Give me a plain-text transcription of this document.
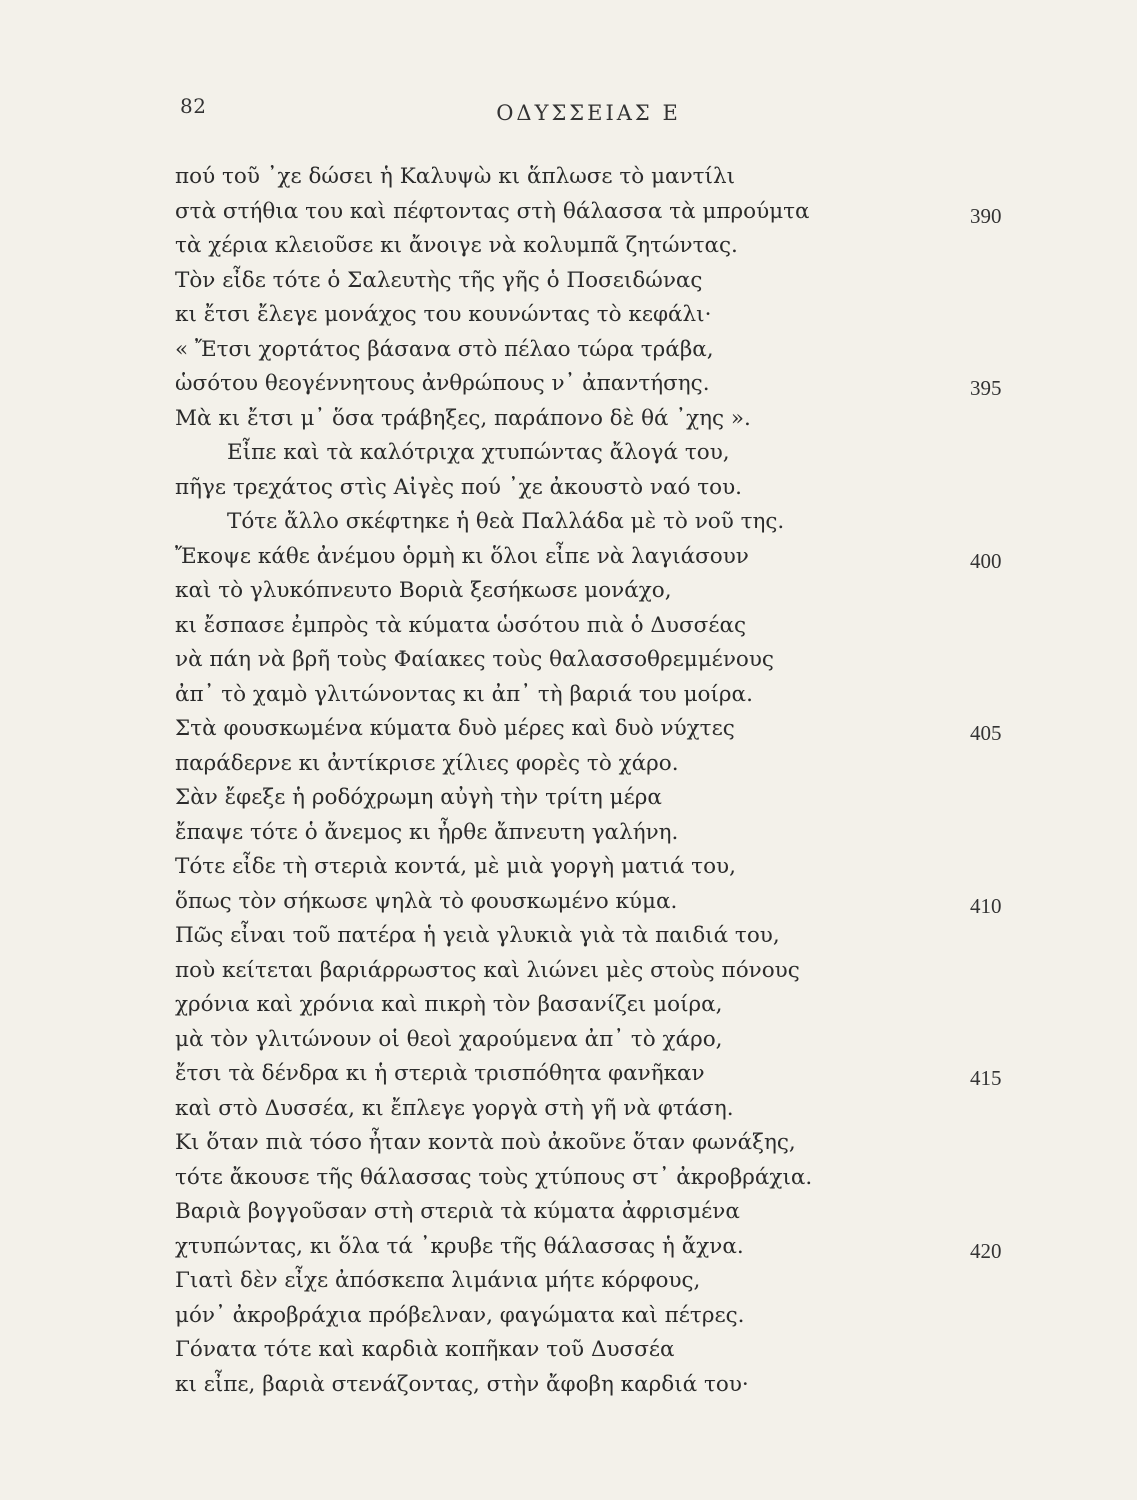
82	ΟΔΥΣΣΕΙΑΣ Ε
πού τοῦ ᾽χε δώσει ἡ Καλυψὼ κι ἅπλωσε τὸ μαντίλι
στὰ στήθια του καὶ πέφτοντας στὴ θάλασσα τὰ μπρούμτα	390
τὰ χέρια κλειοῦσε κι ἄνοιγε νὰ κολυμπᾶ ζητώντας.
Τὸν εἶδε τότε ὁ Σαλευτὴς τῆς γῆς ὁ Ποσειδώνας
κι ἔτσι ἔλεγε μονάχος του κουνώντας τὸ κεφάλι·
« Ἔτσι χορτάτος βάσανα στὸ πέλαο τώρα τράβα,
ὡσότου θεογέννητους ἀνθρώπους ν᾽ ἀπαντήσης.	395
Μὰ κι ἔτσι μ᾽ ὅσα τράβηξες, παράπονο δὲ θά ᾽χης ».
Εἶπε καὶ τὰ καλότριχα χτυπώντας ἄλογά του,
πῆγε τρεχάτος στὶς Αἰγὲς πού ᾽χε ἀκουστὸ ναό του.
Τότε ἄλλο σκέφτηκε ἡ θεὰ Παλλάδα μὲ τὸ νοῦ της.
Ἔκοψε κάθε ἀνέμου ὁρμὴ κι ὅλοι εἶπε νὰ λαγιάσουν	400
καὶ τὸ γλυκόπνευτο Βοριὰ ξεσήκωσε μονάχο,
κι ἔσπασε ἐμπρὸς τὰ κύματα ὡσότου πιὰ ὁ Δυσσέας
νὰ πάη νὰ βρῆ τοὺς Φαίακες τοὺς θαλασσοθρεμμένους
ἀπ᾽ τὸ χαμὸ γλιτώνοντας κι ἀπ᾽ τὴ βαριά του μοίρα.
Στὰ φουσκωμένα κύματα δυὸ μέρες καὶ δυὸ νύχτες	405
παράδερνε κι ἀντίκρισε χίλιες φορὲς τὸ χάρο.
Σὰν ἔφεξε ἡ ροδόχρωμη αὐγὴ τὴν τρίτη μέρα
ἔπαψε τότε ὁ ἄνεμος κι ἦρθε ἄπνευτη γαλήνη.
Τότε εἶδε τὴ στεριὰ κοντά, μὲ μιὰ γοργὴ ματιά του,
ὅπως τὸν σήκωσε ψηλὰ τὸ φουσκωμένο κύμα.	410
Πῶς εἶναι τοῦ πατέρα ἡ γειὰ γλυκιὰ γιὰ τὰ παιδιά του,
ποὺ κείτεται βαριάρρωστος καὶ λιώνει μὲς στοὺς πόνους
χρόνια καὶ χρόνια καὶ πικρὴ τὸν βασανίζει μοίρα,
μὰ τὸν γλιτώνουν οἱ θεοὶ χαρούμενα ἀπ᾽ τὸ χάρο,
ἔτσι τὰ δένδρα κι ἡ στεριὰ τρισπόθητα φανῆκαν	415
καὶ στὸ Δυσσέα, κι ἔπλεγε γοργὰ στὴ γῆ νὰ φτάση.
Κι ὅταν πιὰ τόσο ἦταν κοντὰ ποὺ ἀκοῦνε ὅταν φωνάξης,
τότε ἄκουσε τῆς θάλασσας τοὺς χτύπους στ᾽ ἀκροβράχια.
Βαριὰ βογγοῦσαν στὴ στεριὰ τὰ κύματα ἀφρισμένα
χτυπώντας, κι ὅλα τά ᾽κρυβε τῆς θάλασσας ἡ ἄχνα.	420
Γιατὶ δὲν εἶχε ἀπόσκεπα λιμάνια μήτε κόρφους,
μόν᾽ ἀκροβράχια πρόβελναν, φαγώματα καὶ πέτρες.
Γόνατα τότε καὶ καρδιὰ κοπῆκαν τοῦ Δυσσέα
κι εἶπε, βαριὰ στενάζοντας, στὴν ἄφοβη καρδιά του·
